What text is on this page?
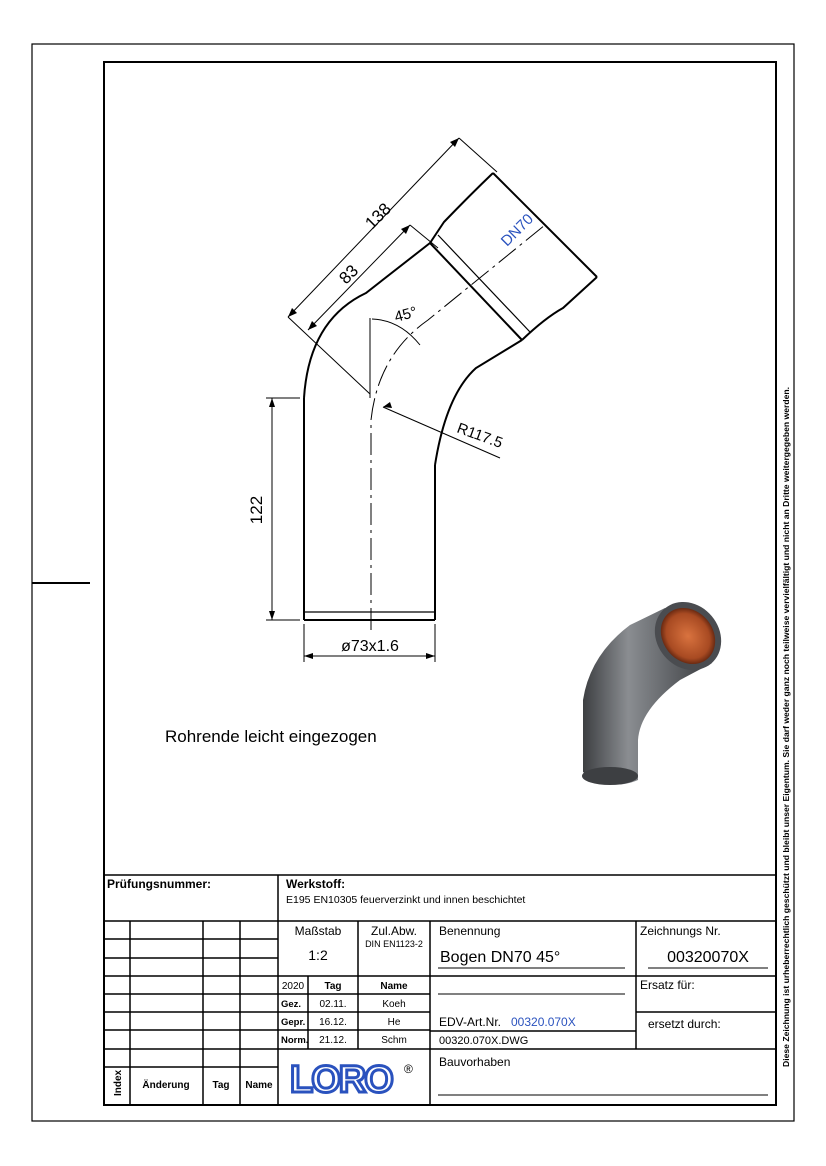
Diese Zeichnung ist urheberrechtlich geschützt und bleibt unser Eigentum. Sie darf weder ganz noch teilweise vervielfältigt und nicht an Dritte weitergegeben werden.
138
83
45°
R117.5
122
ø73x1.6
DN70
Rohrende leicht eingezogen
Prüfungsnummer:	Werkstoff:
E195 EN10305 feuerverzinkt und innen beschichtet
Maßstab
1:2
Zul.Abw.
DIN EN1123-2
Benennung
Bogen DN70 45°
Zeichnungs Nr.
00320070X
2020 Tag	Name
Gez. 02.11.	Koeh
Gepr. 16.12.	He
Norm. 21.12.	Schm
Ersatz für:
EDV-Art.Nr. 00320.070X	ersetzt durch:
00320.070X.DWG
Bauvorhaben
LORO ®
Index Änderung Tag Name
